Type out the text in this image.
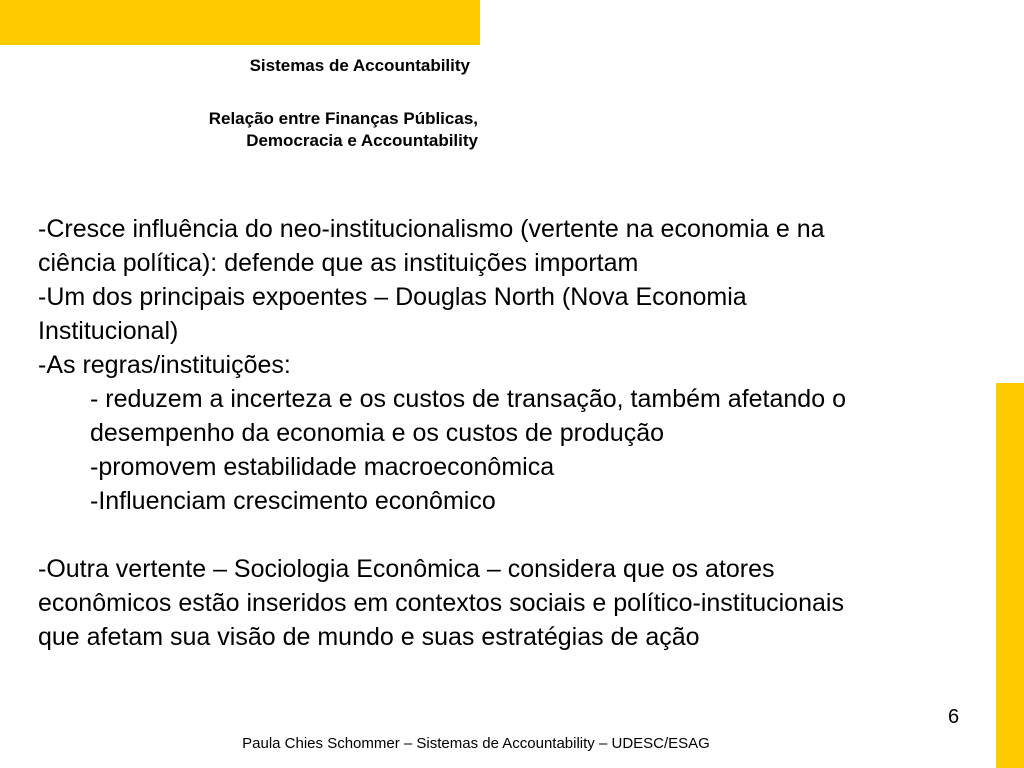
Sistemas de Accountability
Relação entre Finanças Públicas,
Democracia e Accountability
-Cresce influência do neo-institucionalismo (vertente na economia e na
ciência política): defende que as instituições importam
-Um dos principais expoentes – Douglas North (Nova Economia
Institucional)
-As regras/instituições:
- reduzem a incerteza e os custos de transação, também afetando o
desempenho da economia e os custos de produção
-promovem estabilidade macroeconômica
-Influenciam crescimento econômico
-Outra vertente – Sociologia Econômica – considera que os atores
econômicos estão inseridos em contextos sociais e político-institucionais
que afetam sua visão de mundo e suas estratégias de ação
6
Paula Chies Schommer – Sistemas de Accountability – UDESC/ESAG
